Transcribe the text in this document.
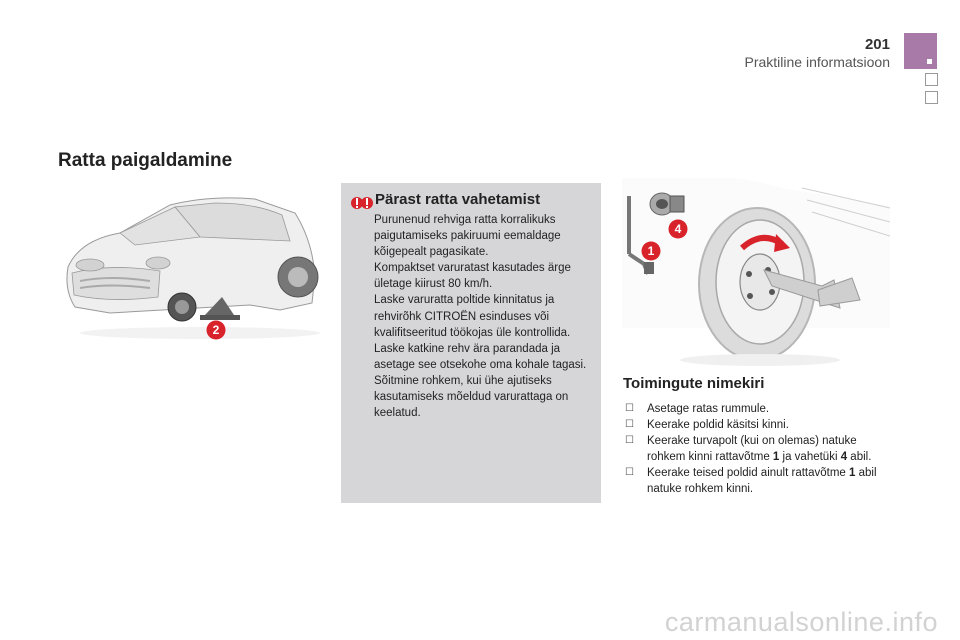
201
Praktiline informatsioon
Ratta paigaldamine
2
Pärast ratta vahetamist
Purunenud rehviga ratta korralikuks paigutamiseks pakiruumi eemaldage kõigepealt pagasikate.
Kompaktset varuratast kasutades ärge ületage kiirust 80 km/h.
Laske varuratta poltide kinnitatus ja rehvirõhk CITROËN esinduses või kvalifitseeritud töökojas üle kontrollida.
Laske katkine rehv ära parandada ja asetage see otsekohe oma kohale tagasi.
Sõitmine rohkem, kui ühe ajutiseks kasutamiseks mõeldud varurattaga on keelatud.
1
4
Toimingute nimekiri
☐ Asetage ratas rummule.
☐ Keerake poldid käsitsi kinni.
☐ Keerake turvapolt (kui on olemas) natuke rohkem kinni rattavõtme 1 ja vahetüki 4 abil.
☐ Keerake teised poldid ainult rattavõtme 1 abil natuke rohkem kinni.
carmanualsonline.info
